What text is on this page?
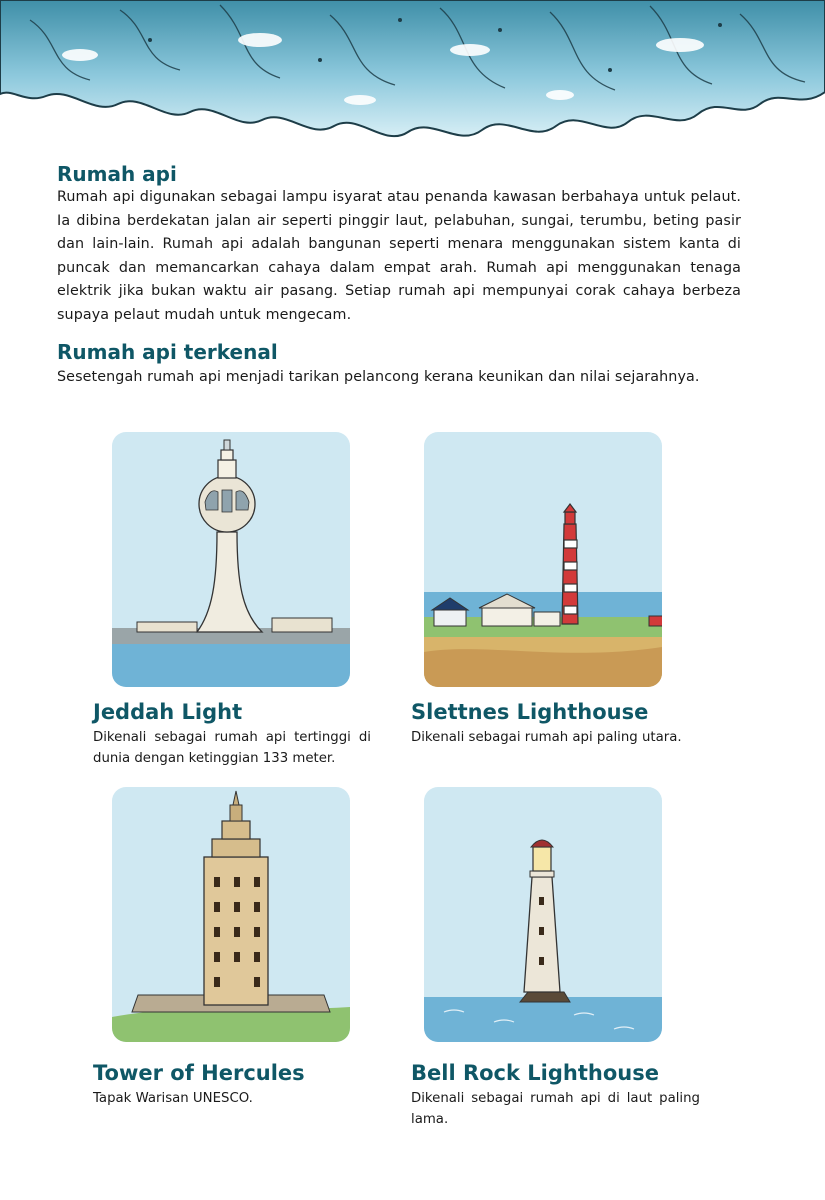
Rumah api

Rumah api digunakan sebagai lampu isyarat atau penanda kawasan berbahaya untuk pelaut. Ia dibina berdekatan jalan air seperti pinggir laut, pelabuhan, sungai, terumbu, beting pasir dan lain-lain. Rumah api adalah bangunan seperti menara menggunakan sistem kanta di puncak dan memancarkan cahaya dalam empat arah. Rumah api menggunakan tenaga elektrik jika bukan waktu air pasang. Setiap rumah api mempunyai corak cahaya berbeza supaya pelaut mudah untuk mengecam.

Rumah api terkenal

Sesetengah rumah api menjadi tarikan pelancong kerana keunikan dan nilai sejarahnya.

Jeddah Light

Dikenali sebagai rumah api tertinggi di dunia dengan ketinggian 133 meter.

Slettnes Lighthouse

Dikenali sebagai rumah api paling utara.

Tower of Hercules

Tapak Warisan UNESCO.

Bell Rock Lighthouse

Dikenali sebagai rumah api di laut paling lama.
